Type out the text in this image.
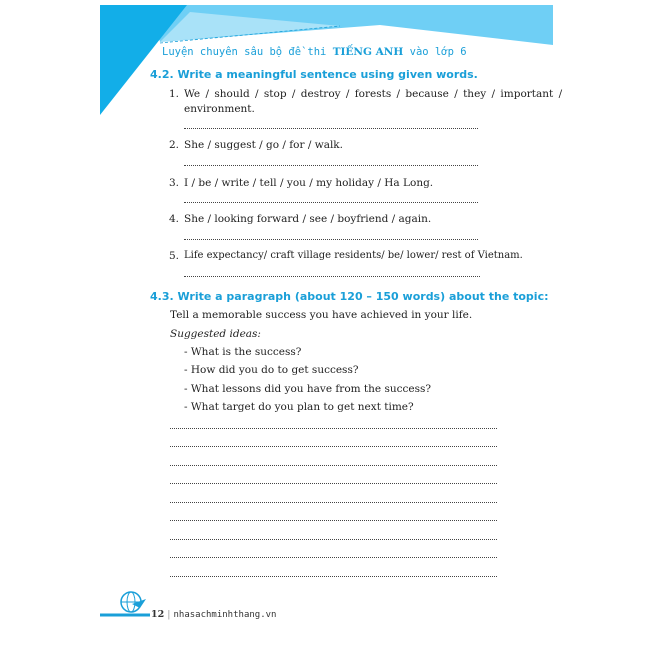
Luyện chuyên sâu bộ đề thi TIẾNG ANH vào lớp 6
4.2. Write a meaningful sentence using given words.
1. We / should / stop / destroy / forests / because / they / important /
environment.
2. She / suggest / go / for / walk.
3. I / be / write / tell / you / my holiday / Ha Long.
4. She / looking forward / see / boyfriend / again.
5. Life expectancy/ craft village residents/ be/ lower/ rest of Vietnam.
4.3. Write a paragraph (about 120 – 150 words) about the topic:
Tell a memorable success you have achieved in your life.
Suggested ideas:
- What is the success?
- How did you do to get success?
- What lessons did you have from the success?
- What target do you plan to get next time?
12 | nhasachminhthang.vn
